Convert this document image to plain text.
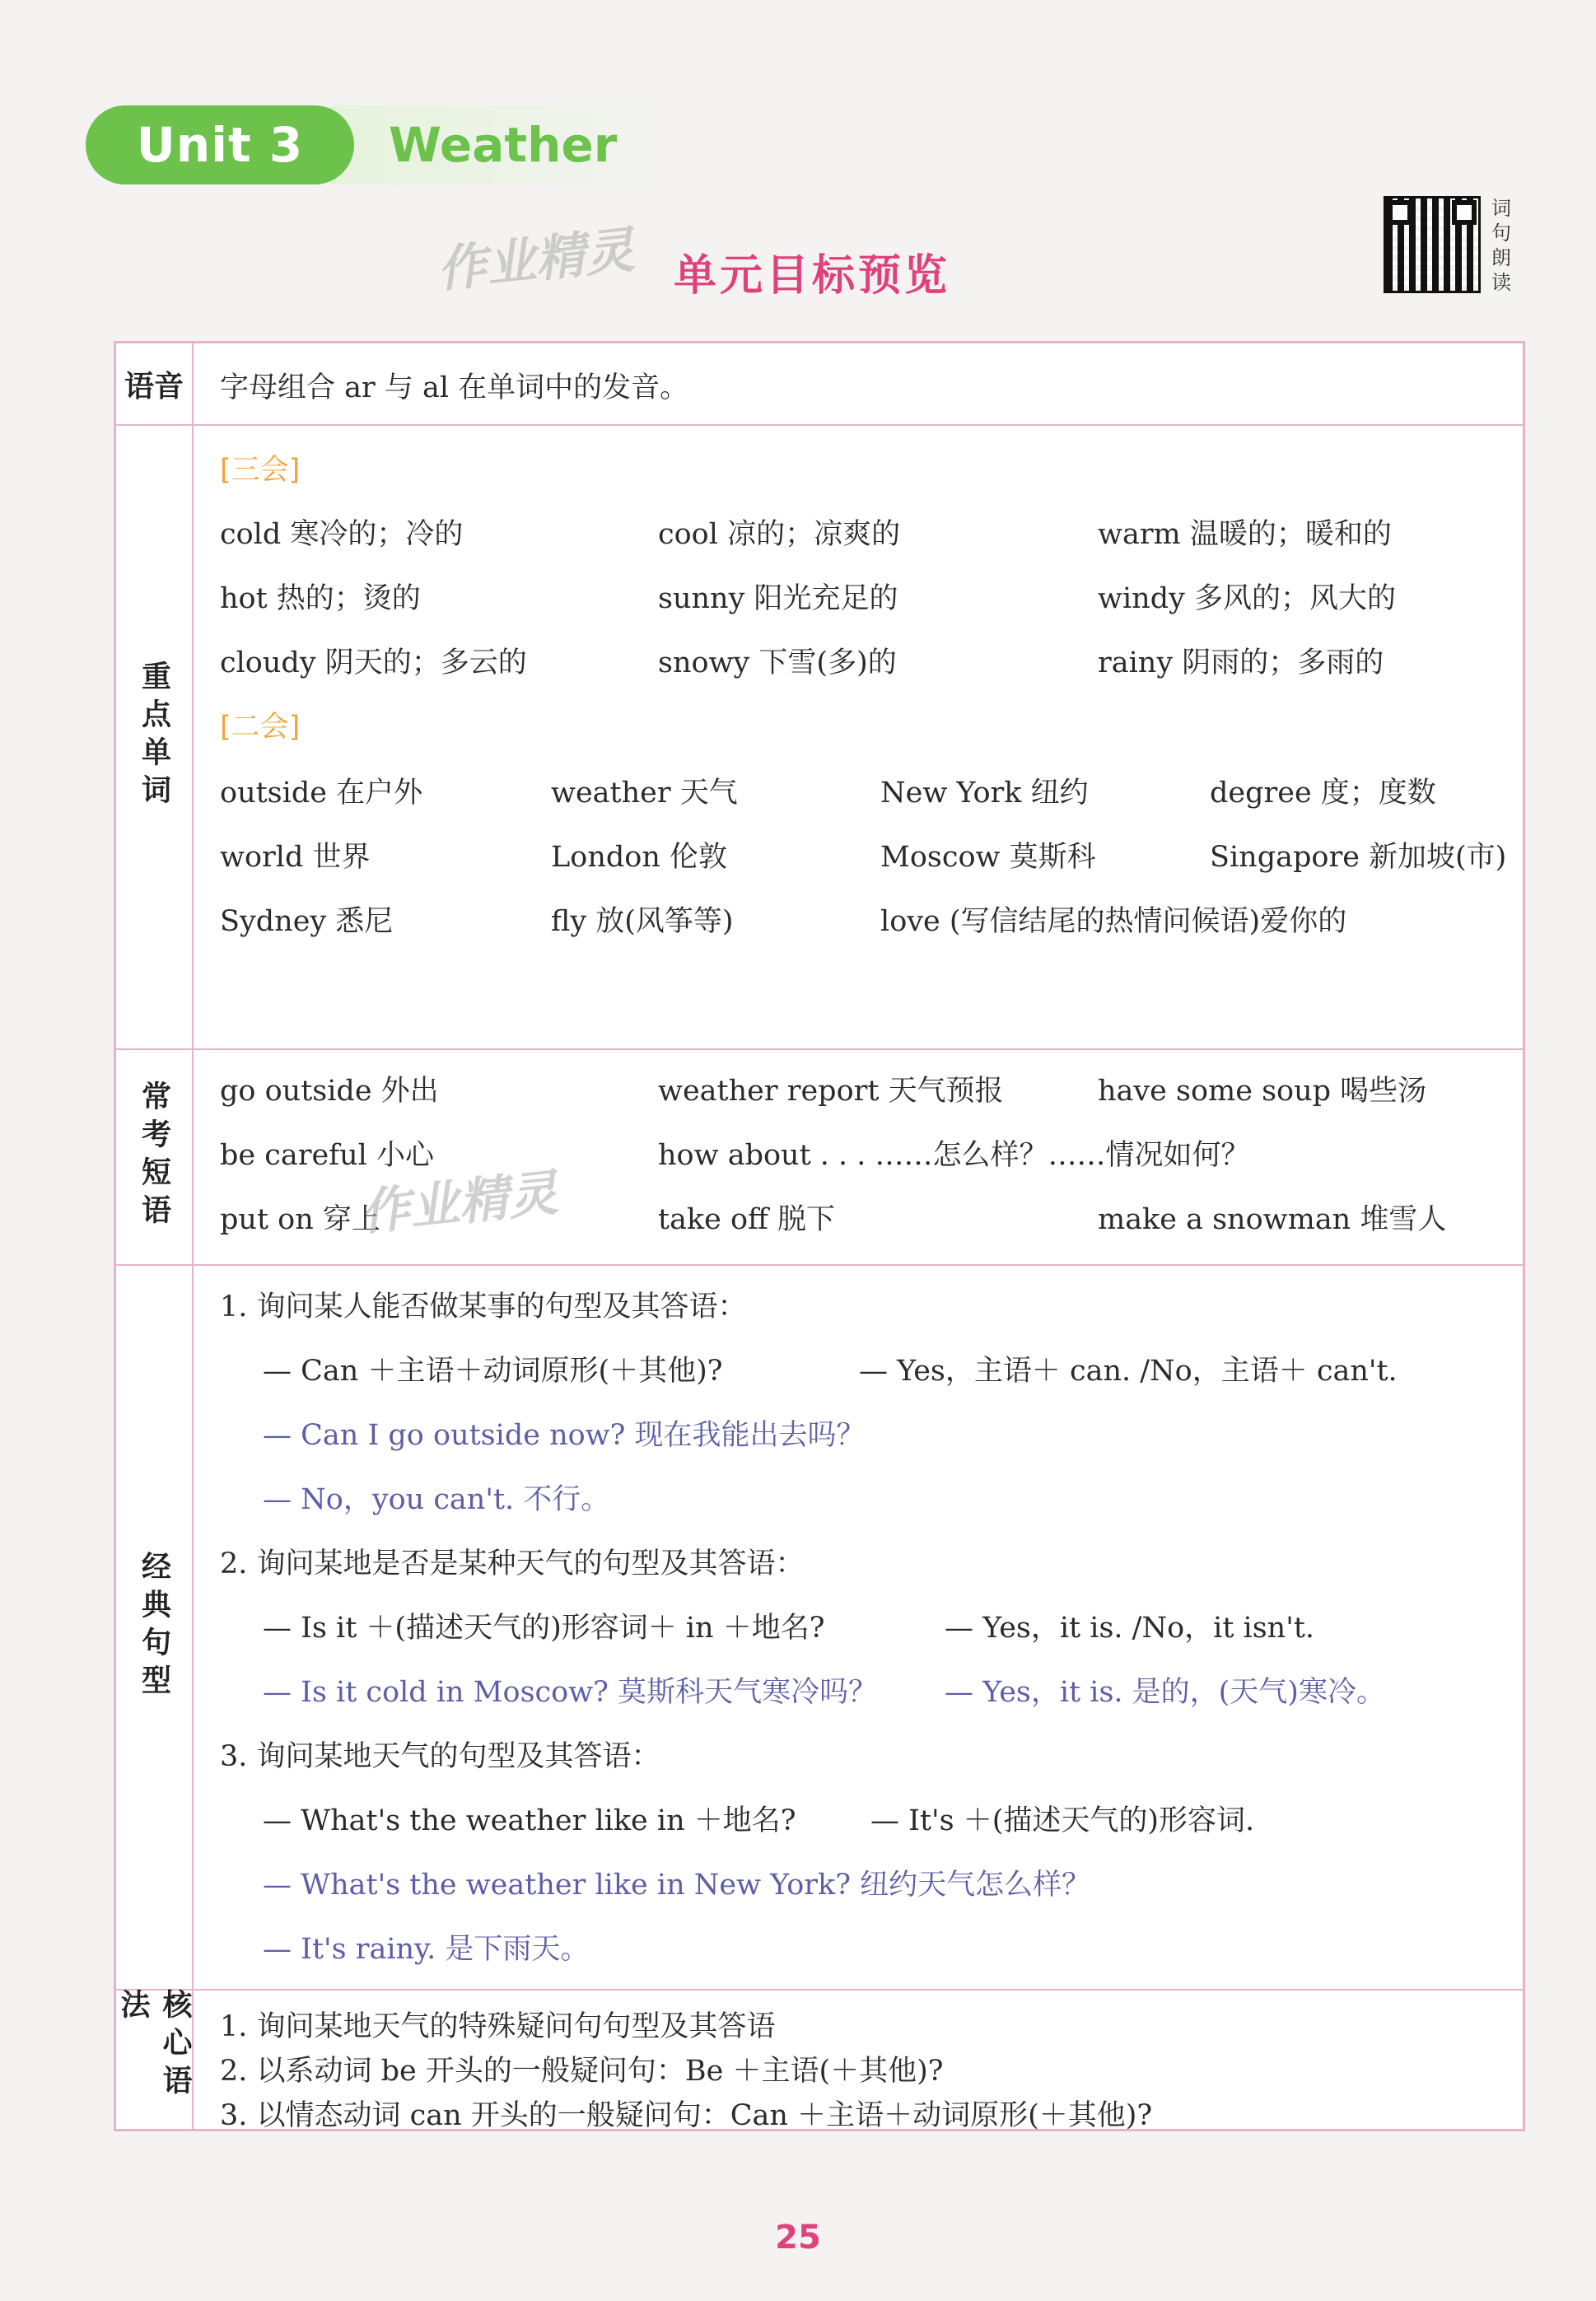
Unit 3 Weather
作业精灵 单元目标预览
词句朗读
语音	字母组合 ar 与 al 在单词中的发音。
重点单词
[三会]
cold 寒冷的；冷的	cool 凉的；凉爽的	warm 温暖的；暖和的
hot 热的；烫的	sunny 阳光充足的	windy 多风的；风大的
cloudy 阴天的；多云的	snowy 下雪(多)的	rainy 阴雨的；多雨的
[二会]
outside 在户外	weather 天气	New York 纽约	degree 度；度数
world 世界	London 伦敦	Moscow 莫斯科	Singapore 新加坡(市)
Sydney 悉尼	fly 放(风筝等)	love (写信结尾的热情问候语)爱你的
常考短语	go outside 外出	weather report 天气预报	have some soup 喝些汤
be careful 小心	how about . . . ……怎么样？……情况如何？
put on 穿上	take off 脱下	make a snowman 堆雪人
作业精灵
经典句型
1. 询问某人能否做某事的句型及其答语：
— Can ＋主语＋动词原形(＋其他)?	— Yes，主语＋ can. /No，主语＋ can't.
— Can I go outside now? 现在我能出去吗？
— No，you can't. 不行。
2. 询问某地是否是某种天气的句型及其答语：
— Is it ＋(描述天气的)形容词＋ in ＋地名?	— Yes，it is. /No，it isn't.
— Is it cold in Moscow? 莫斯科天气寒冷吗？ — Yes，it is. 是的，(天气)寒冷。
3. 询问某地天气的句型及其答语：
— What's the weather like in ＋地名?	— It's ＋(描述天气的)形容词.
— What's the weather like in New York? 纽约天气怎么样？
— It's rainy. 是下雨天。
核心语法	1. 询问某地天气的特殊疑问句句型及其答语
2. 以系动词 be 开头的一般疑问句：Be ＋主语(＋其他)?
3. 以情态动词 can 开头的一般疑问句：Can ＋主语＋动词原形(＋其他)?
25
